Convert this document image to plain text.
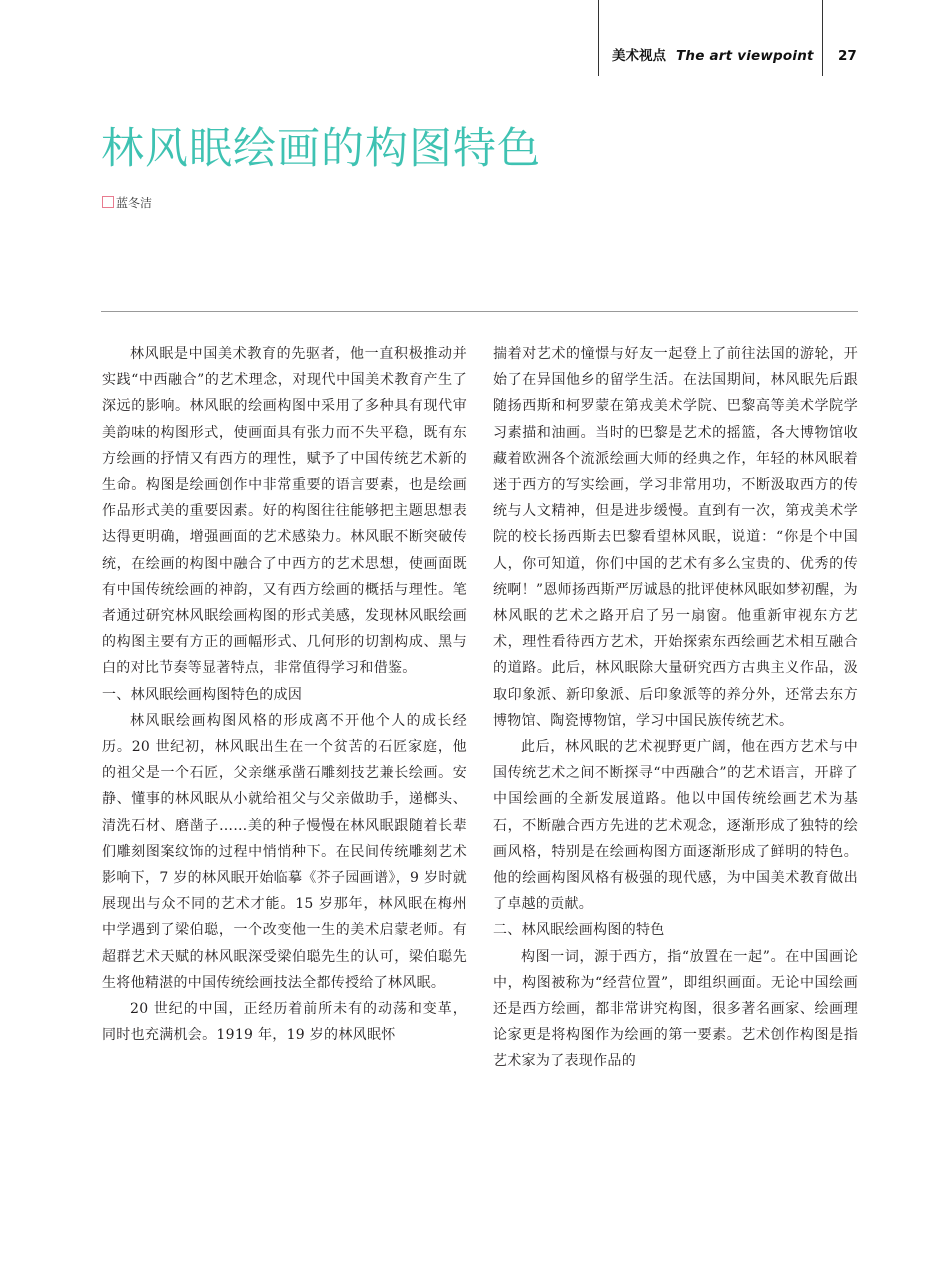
美术视点 The art viewpoint 27
林风眠绘画的构图特色
蓝冬洁

林风眠是中国美术教育的先驱者，他一直积极推动并实践“中西融合”的艺术理念，对现代中国美术教育产生了深远的影响。林风眠的绘画构图中采用了多种具有现代审美韵味的构图形式，使画面具有张力而不失平稳，既有东方绘画的抒情又有西方的理性，赋予了中国传统艺术新的生命。构图是绘画创作中非常重要的语言要素，也是绘画作品形式美的重要因素。好的构图往往能够把主题思想表达得更明确，增强画面的艺术感染力。林风眠不断突破传统，在绘画的构图中融合了中西方的艺术思想，使画面既有中国传统绘画的神韵，又有西方绘画的概括与理性。笔者通过研究林风眠绘画构图的形式美感，发现林风眠绘画的构图主要有方正的画幅形式、几何形的切割构成、黑与白的对比节奏等显著特点，非常值得学习和借鉴。

一、林风眠绘画构图特色的成因

林风眠绘画构图风格的形成离不开他个人的成长经历。20 世纪初，林风眠出生在一个贫苦的石匠家庭，他的祖父是一个石匠，父亲继承凿石雕刻技艺兼长绘画。安静、懂事的林风眠从小就给祖父与父亲做助手，递榔头、清洗石材、磨凿子……美的种子慢慢在林风眠跟随着长辈们雕刻图案纹饰的过程中悄悄种下。在民间传统雕刻艺术影响下，7 岁的林风眠开始临摹《芥子园画谱》，9 岁时就展现出与众不同的艺术才能。15 岁那年，林风眠在梅州中学遇到了梁伯聪，一个改变他一生的美术启蒙老师。有超群艺术天赋的林风眠深受梁伯聪先生的认可，梁伯聪先生将他精湛的中国传统绘画技法全都传授给了林风眠。

20 世纪的中国，正经历着前所未有的动荡和变革，同时也充满机会。1919 年，19 岁的林风眠怀

揣着对艺术的憧憬与好友一起登上了前往法国的游轮，开始了在异国他乡的留学生活。在法国期间，林风眠先后跟随扬西斯和柯罗蒙在第戎美术学院、巴黎高等美术学院学习素描和油画。当时的巴黎是艺术的摇篮，各大博物馆收藏着欧洲各个流派绘画大师的经典之作，年轻的林风眠着迷于西方的写实绘画，学习非常用功，不断汲取西方的传统与人文精神，但是进步缓慢。直到有一次，第戎美术学院的校长扬西斯去巴黎看望林风眠，说道：“你是个中国人，你可知道，你们中国的艺术有多么宝贵的、优秀的传统啊！”恩师扬西斯严厉诚恳的批评使林风眠如梦初醒，为林风眠的艺术之路开启了另一扇窗。他重新审视东方艺术，理性看待西方艺术，开始探索东西绘画艺术相互融合的道路。此后，林风眠除大量研究西方古典主义作品，汲取印象派、新印象派、后印象派等的养分外，还常去东方博物馆、陶瓷博物馆，学习中国民族传统艺术。

此后，林风眠的艺术视野更广阔，他在西方艺术与中国传统艺术之间不断探寻“中西融合”的艺术语言，开辟了中国绘画的全新发展道路。他以中国传统绘画艺术为基石，不断融合西方先进的艺术观念，逐渐形成了独特的绘画风格，特别是在绘画构图方面逐渐形成了鲜明的特色。他的绘画构图风格有极强的现代感，为中国美术教育做出了卓越的贡献。

二、林风眠绘画构图的特色

构图一词，源于西方，指“放置在一起”。在中国画论中，构图被称为“经营位置”，即组织画面。无论中国绘画还是西方绘画，都非常讲究构图，很多著名画家、绘画理论家更是将构图作为绘画的第一要素。艺术创作构图是指艺术家为了表现作品的
